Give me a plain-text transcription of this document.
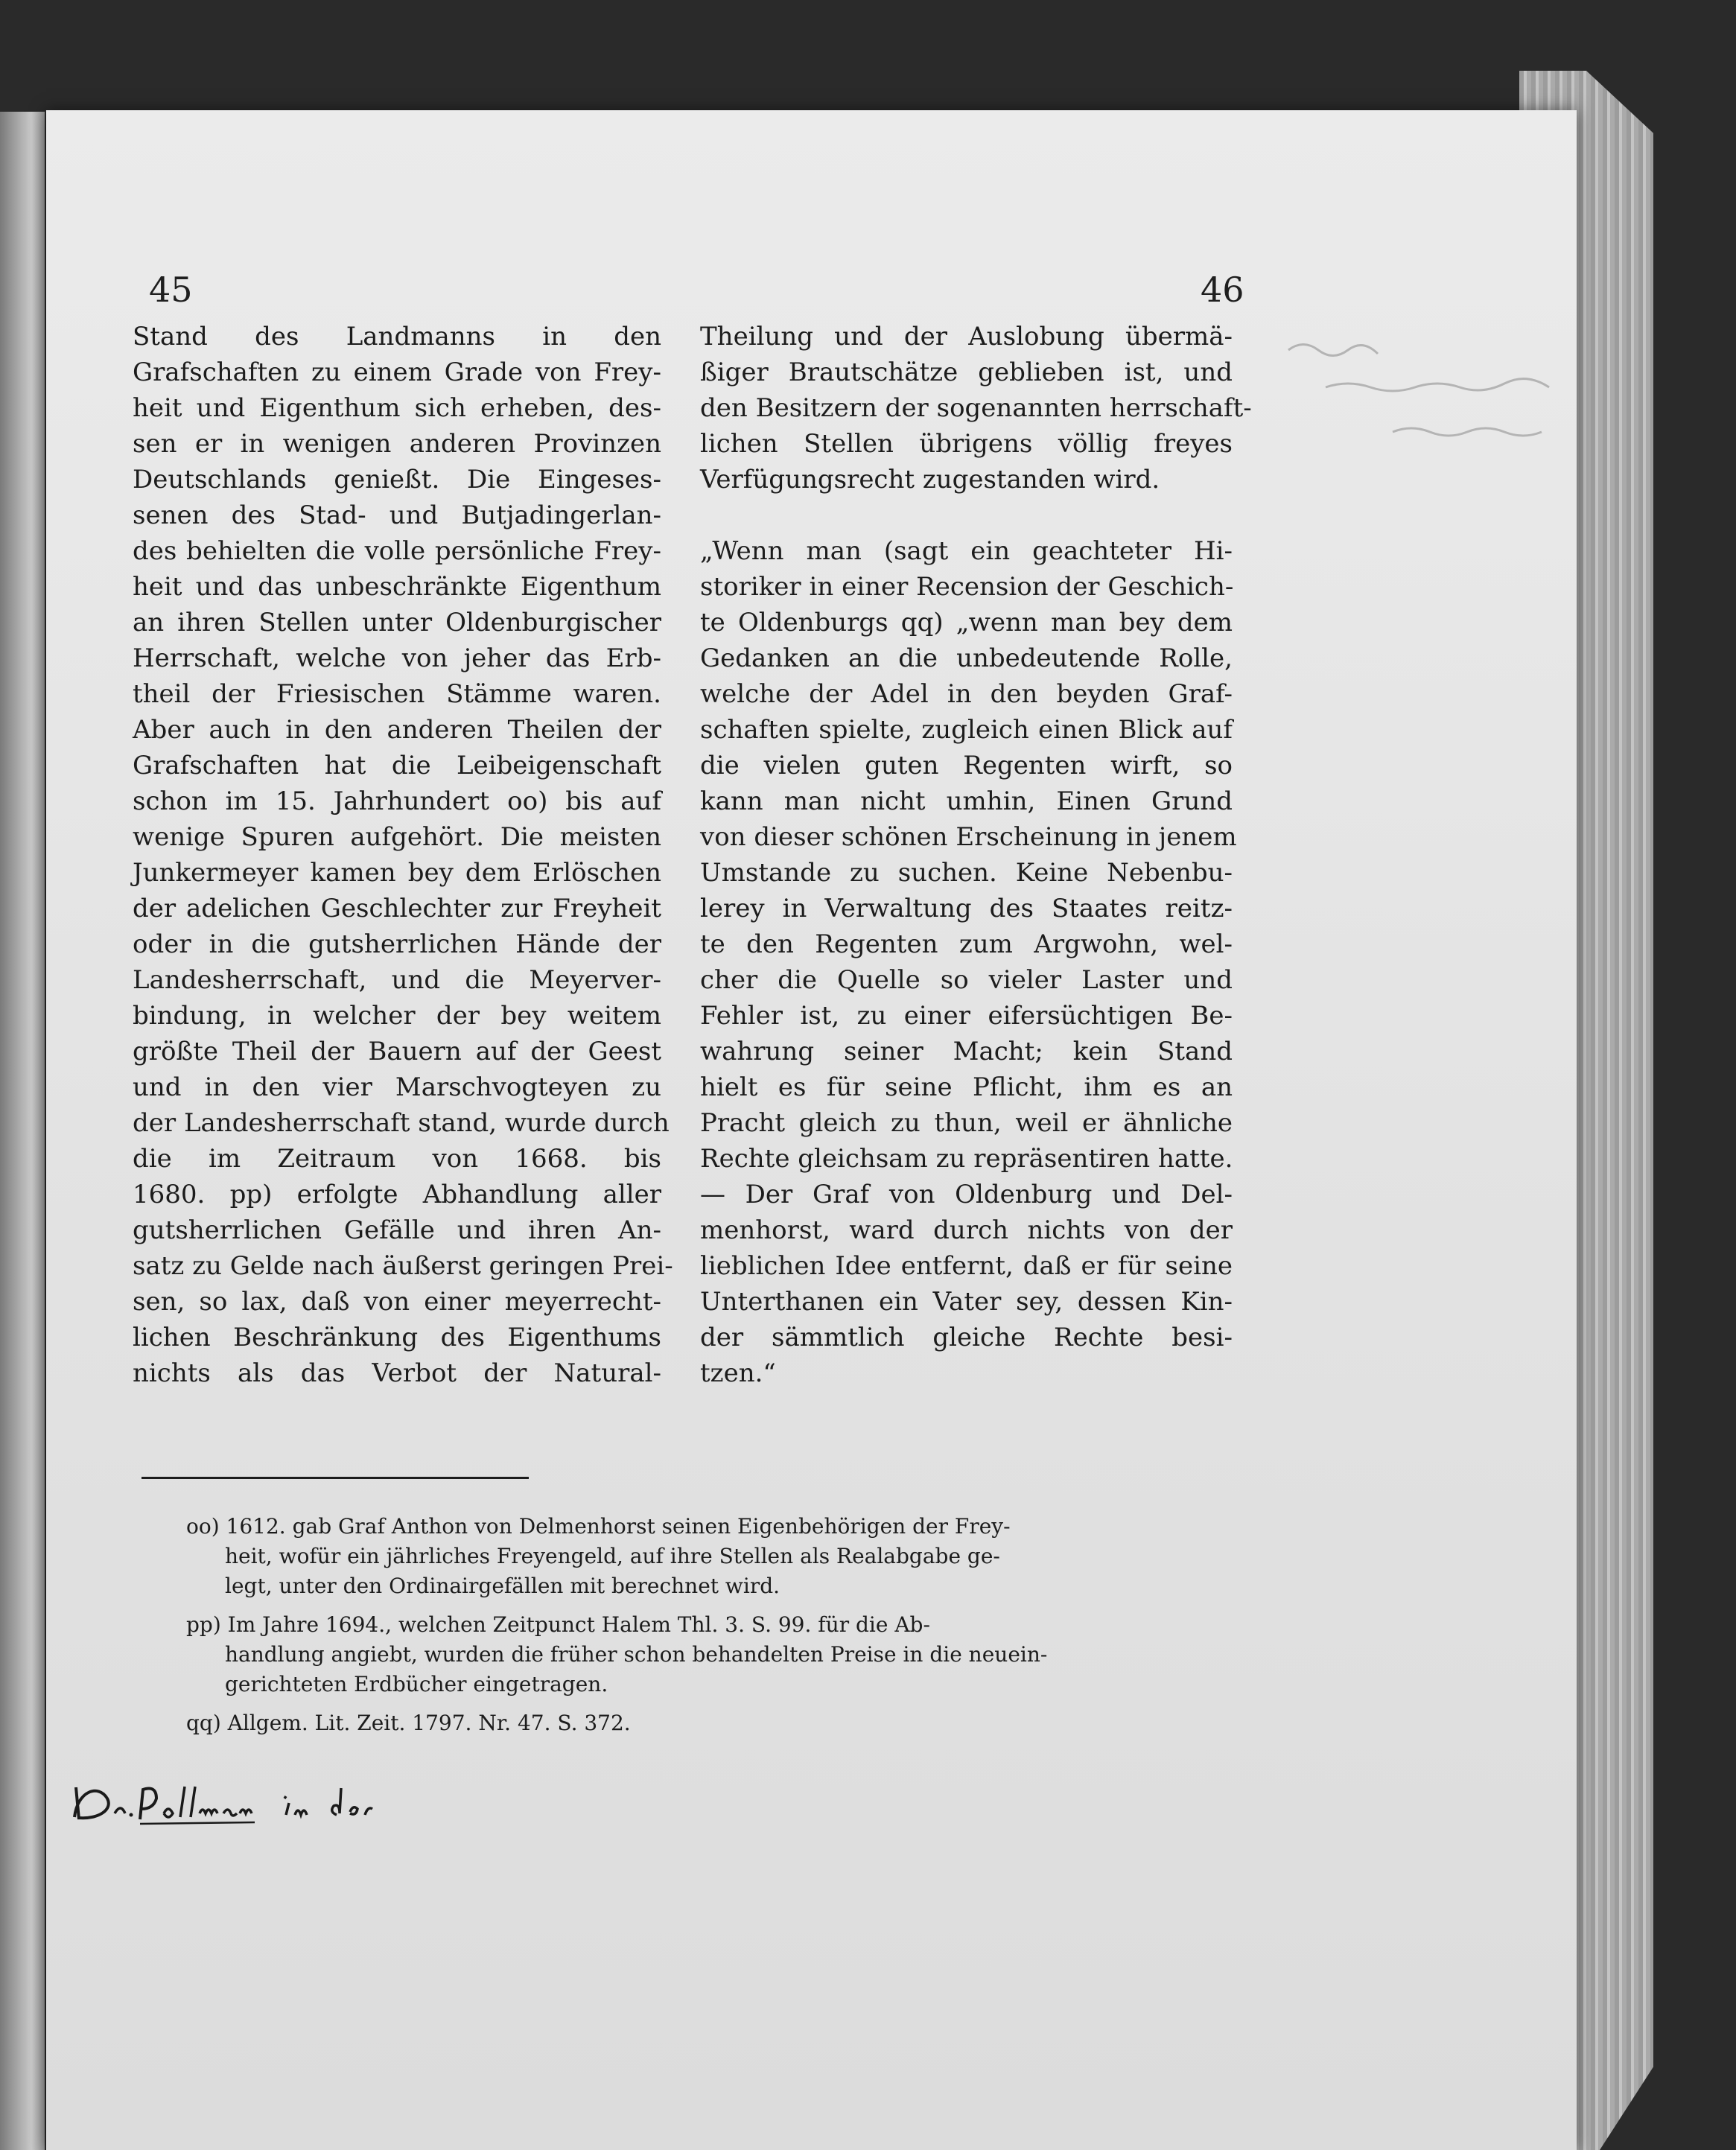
45	46
Stand des Landmanns in den
Grafschaften zu einem Grade von Frey-
heit und Eigenthum sich erheben, des-
sen er in wenigen anderen Provinzen
Deutschlands genießt. Die Eingeses-
senen des Stad- und Butjadingerlan-
des behielten die volle persönliche Frey-
heit und das unbeschränkte Eigenthum
an ihren Stellen unter Oldenburgischer
Herrschaft, welche von jeher das Erb-
theil der Friesischen Stämme waren.
Aber auch in den anderen Theilen der
Grafschaften hat die Leibeigenschaft
schon im 15. Jahrhundert oo) bis auf
wenige Spuren aufgehört. Die meisten
Junkermeyer kamen bey dem Erlöschen
der adelichen Geschlechter zur Freyheit
oder in die gutsherrlichen Hände der
Landesherrschaft, und die Meyerver-
bindung, in welcher der bey weitem
größte Theil der Bauern auf der Geest
und in den vier Marschvogteyen zu
der Landesherrschaft stand, wurde durch
die im Zeitraum von 1668. bis
1680. pp) erfolgte Abhandlung aller
gutsherrlichen Gefälle und ihren An-
satz zu Gelde nach äußerst geringen Prei-
sen, so lax, daß von einer meyerrecht-
lichen Beschränkung des Eigenthums
nichts als das Verbot der Natural-
Theilung und der Auslobung übermä-
ßiger Brautschätze geblieben ist, und
den Besitzern der sogenannten herrschaft-
lichen Stellen übrigens völlig freyes
Verfügungsrecht zugestanden wird.
„Wenn man (sagt ein geachteter Hi-
storiker in einer Recension der Geschich-
te Oldenburgs qq) „wenn man bey dem
Gedanken an die unbedeutende Rolle,
welche der Adel in den beyden Graf-
schaften spielte, zugleich einen Blick auf
die vielen guten Regenten wirft, so
kann man nicht umhin, Einen Grund
von dieser schönen Erscheinung in jenem
Umstande zu suchen. Keine Nebenbu-
lerey in Verwaltung des Staates reitz-
te den Regenten zum Argwohn, wel-
cher die Quelle so vieler Laster und
Fehler ist, zu einer eifersüchtigen Be-
wahrung seiner Macht; kein Stand
hielt es für seine Pflicht, ihm es an
Pracht gleich zu thun, weil er ähnliche
Rechte gleichsam zu repräsentiren hatte.
— Der Graf von Oldenburg und Del-
menhorst, ward durch nichts von der
lieblichen Idee entfernt, daß er für seine
Unterthanen ein Vater sey, dessen Kin-
der sämmtlich gleiche Rechte besi-
tzen.“
oo) 1612. gab Graf Anthon von Delmenhorst seinen Eigenbehörigen der Frey-
heit, wofür ein jährliches Freyengeld, auf ihre Stellen als Realabgabe ge-
legt, unter den Ordinairgefällen mit berechnet wird.
pp) Im Jahre 1694., welchen Zeitpunct Halem Thl. 3. S. 99. für die Ab-
handlung angiebt, wurden die früher schon behandelten Preise in die neuein-
gerichteten Erdbücher eingetragen.
qq) Allgem. Lit. Zeit. 1797. Nr. 47. S. 372.
